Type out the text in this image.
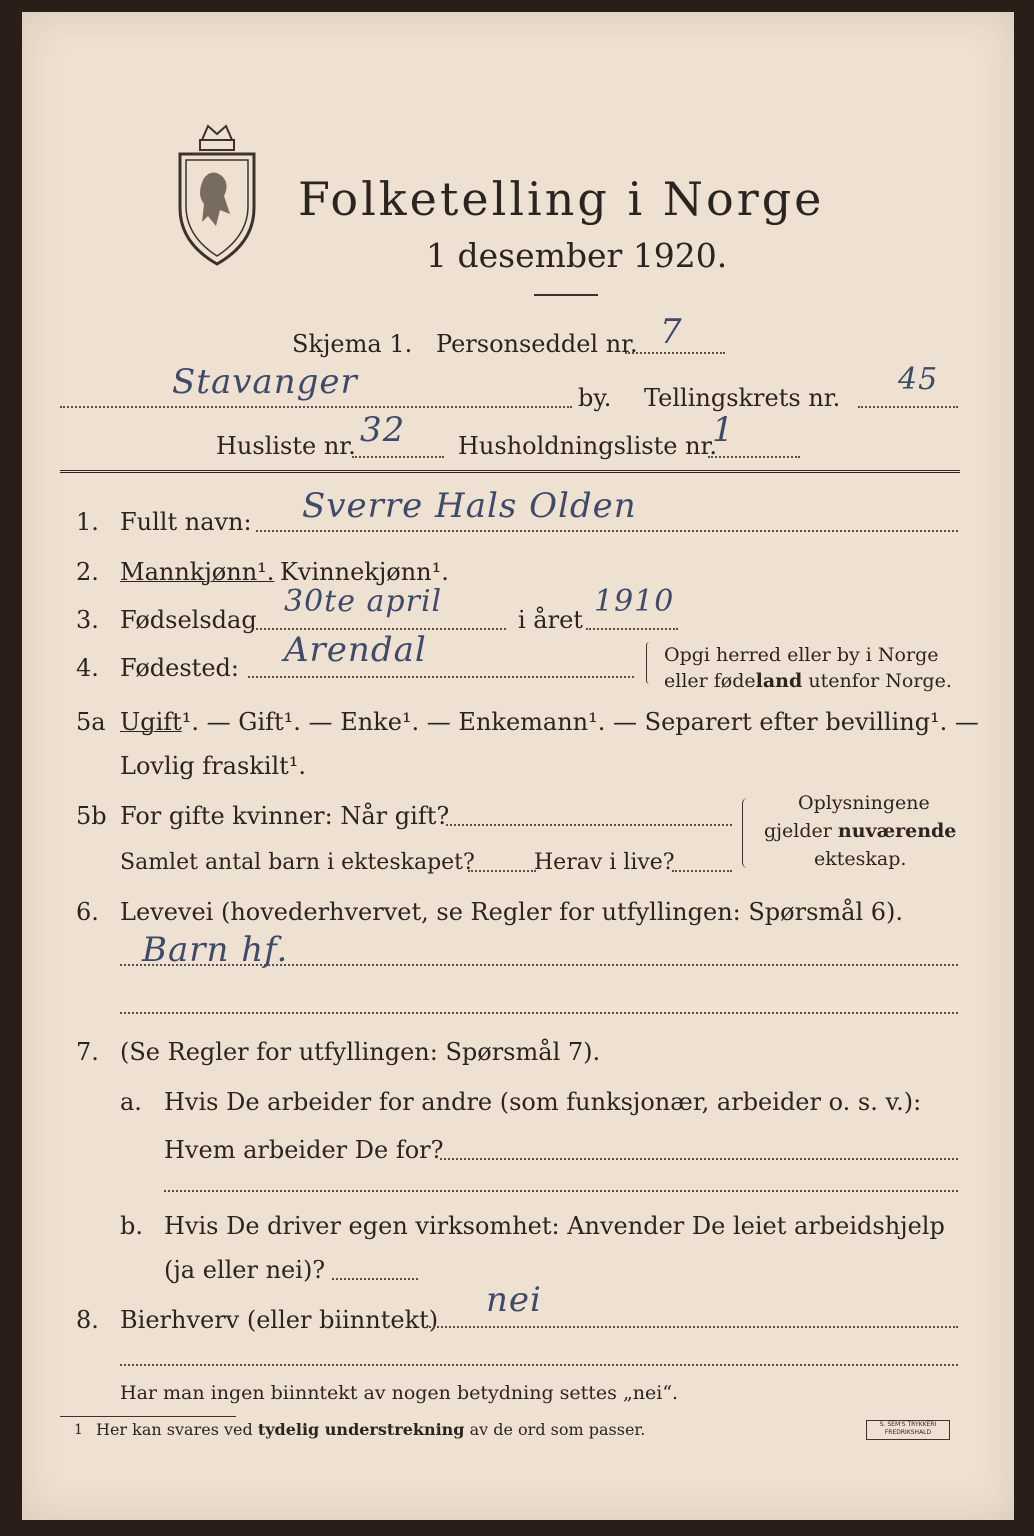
Folketelling i Norge
1 desember 1920.
Skjema 1. Personseddel nr. 7
Stavanger	by. Tellingskrets nr.
45
Husliste nr. 32 Husholdningsliste nr.
1
1. Fullt navn: Sverre Hals Olden
2. Mannkjønn¹. Kvinnekjønn¹.
3. Fødselsdag
30te april
i året
1910
4. Fødested: Arendal	Opgi herred eller by i Norge
eller fødeland utenfor Norge.
5a Ugift¹. — Gift¹. — Enke¹. — Enkemann¹. — Separert efter bevilling¹. —
Lovlig fraskilt¹.
5b For gifte kvinner: Når gift?
Samlet antal barn i ekteskapet?	Herav i live?
Oplysningene
gjelder nuværende
ekteskap.
6. Levevei (hovederhvervet, se Regler for utfyllingen: Spørsmål 6).
Barn hf.
7. (Se Regler for utfyllingen: Spørsmål 7).
a. Hvis De arbeider for andre (som funksjonær, arbeider o. s. v.):
Hvem arbeider De for?
b. Hvis De driver egen virksomhet: Anvender De leiet arbeidshjelp
(ja eller nei)?
8. Bierhverv (eller biinntekt) nei
Har man ingen biinntekt av nogen betydning settes „nei“.
1 Her kan svares ved tydelig understrekning av de ord som passer.	S. SEM'S TRYKKERI
FREDRIKSHALD
